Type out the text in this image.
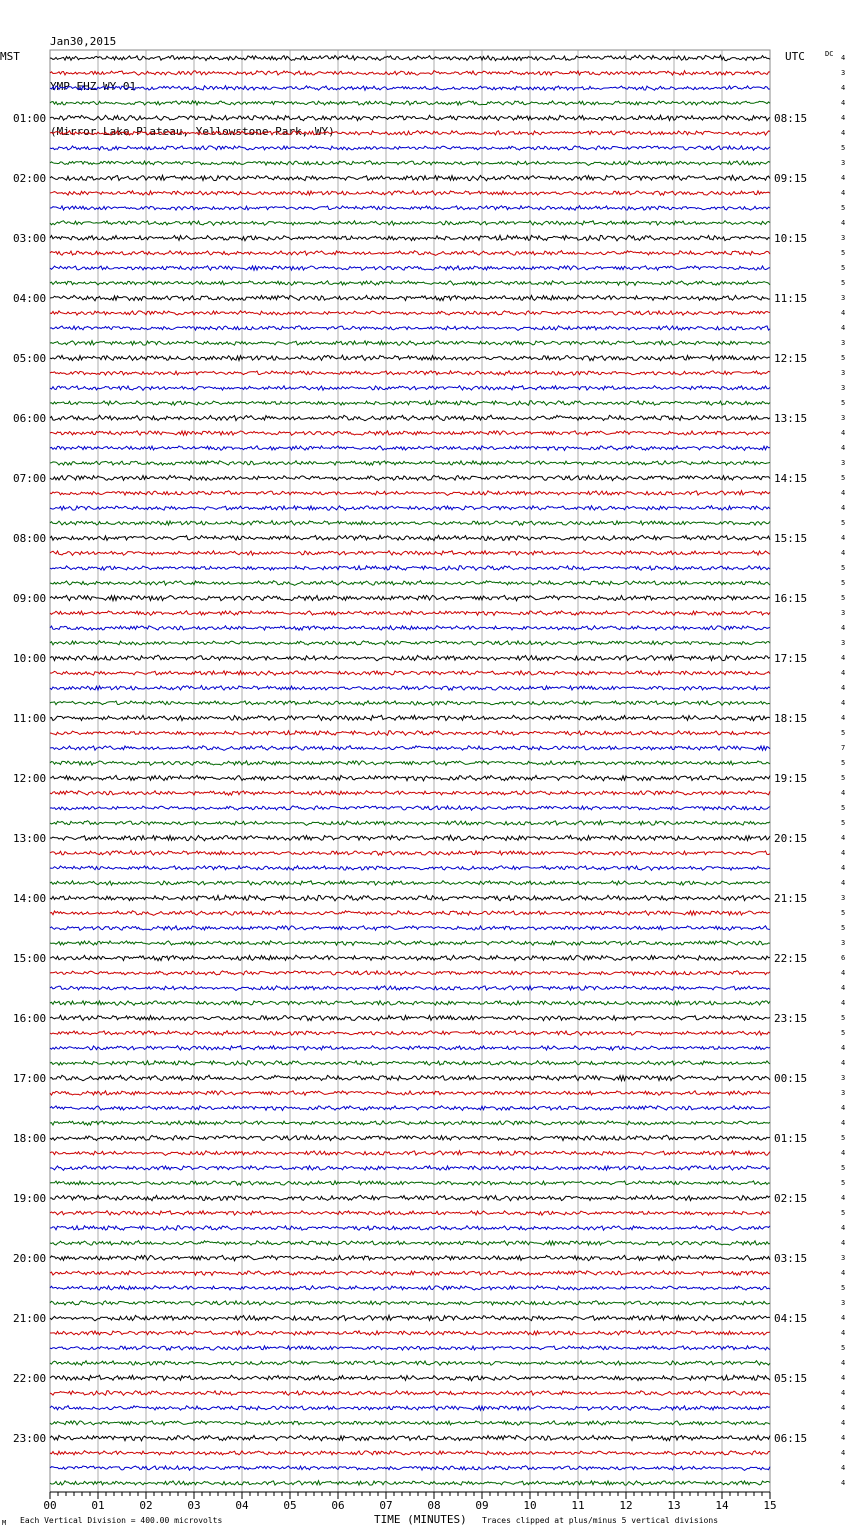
Jan30,2015

YMP EHZ WY 01

(Mirror Lake Plateau, Yellowstone Park, WY)

MST	UTC	DC
01:00
02:00
03:00
04:00
05:00
06:00
07:00
08:00
09:00
10:00
11:00
12:00
13:00
14:00
15:00
16:00
17:00
18:00
19:00
20:00
21:00
22:00
23:00
08:15
09:15
10:15
11:15
12:15
13:15
14:15
15:15
16:15
17:15
18:15
19:15
20:15
21:15
22:15
23:15
00:15
01:15
02:15
03:15
04:15
05:15
06:15
4
3
4
4
4
4
5
3
4
4
5
4
3
5
5
5
3
4
4
3
5
3
3
5
3
4
4
3
5
4
4
5
4
4
5
5
5
3
4
3
4
4
4
4
4
5
7
5
5
4
5
5
4
4
4
4
3
5
5
3
6
4
4
4
5
5
4
4
3
3
4
4
5
4
5
5
4
5
4
4
3
4
5
3
4
4
5
4
4
4
4
4
4
4
4
4
00	01	02	03	04	05	06	07	08	09	10	11	12	13	14	15
M Each Vertical Division = 400.00 microvolts	TIME (MINUTES) Traces clipped at plus/minus 5 vertical divisions
